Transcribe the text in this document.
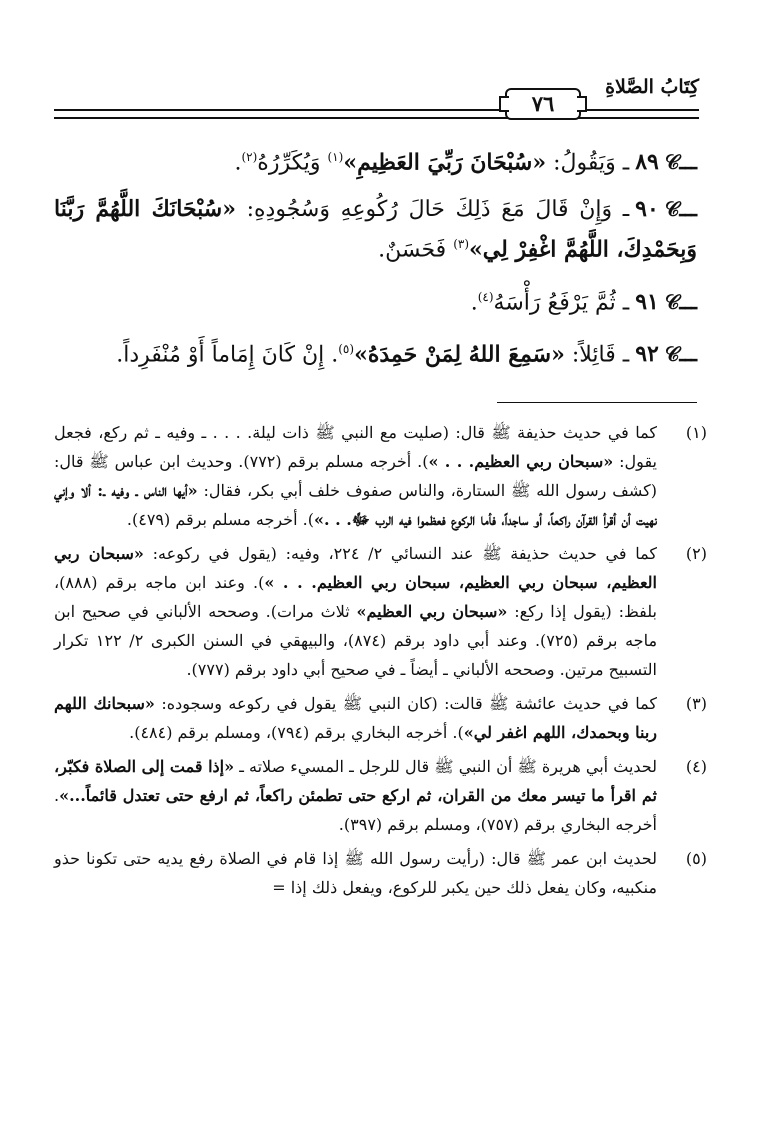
كِتَابُ الصَّلاةِ
٧٦

ـــ𝒞٨٩ـ وَيَقُولُ: «سُبْحَانَ رَبِّيَ العَظِيمِ»$^{(١)}$ وَيُكَرِّرُهُ$^{(٢)}$.

ـــ𝒞٩٠ـ وَإِنْ قَالَ مَعَ ذَلِكَ حَالَ رُكُوعِهِ وَسُجُودِهِ: «سُبْحَانَكَ اللَّهُمَّ رَبَّنَا وَبِحَمْدِكَ، اللَّهُمَّ اغْفِرْ لِي»$^{(٣)}$ فَحَسَنٌ.

ـــ𝒞٩١ـ ثُمَّ يَرْفَعُ رَأْسَهُ$^{(٤)}$.

ـــ𝒞٩٢ـ قَائِلاً: «سَمِعَ اللهُ لِمَنْ حَمِدَهُ»$^{(٥)}$. إِنْ كَانَ إِمَاماً أَوْ مُنْفَرِداً.

(١)
كما في حديث حذيفة ﷺ قال: (صليت مع النبي ﷺ ذات ليلة. . . . ـ وفيه ـ ثم ركع، فجعل يقول: «سبحان ربي العظيم. . . »). أخرجه مسلم برقم (٧٧٢). وحديث ابن عباس ﷺ قال: (كشف رسول الله ﷺ الستارة، والناس صفوف خلف أبي بكر، فقال: «أيها الناس ـ وفيه ـ: ألا وإني نهيت أن أقرأ القرآن راكعاً، أو ساجداً، فأما الركوع فعظموا فيه الرب ﷻ. . .»). أخرجه مسلم برقم (٤٧٩).
(٢)
كما في حديث حذيفة ﷺ عند النسائي ٢/ ٢٢٤، وفيه: (يقول في ركوعه: «سبحان ربي العظيم، سبحان ربي العظيم، سبحان ربي العظيم. . . »). وعند ابن ماجه برقم (٨٨٨)، بلفظ: (يقول إذا ركع: «سبحان ربي العظيم» ثلاث مرات). وصححه الألباني في صحيح ابن ماجه برقم (٧٢٥). وعند أبي داود برقم (٨٧٤)، والبيهقي في السنن الكبرى ٢/ ١٢٢ تكرار التسبيح مرتين. وصححه الألباني ـ أيضاً ـ في صحيح أبي داود برقم (٧٧٧).
(٣)
كما في حديث عائشة ﷺ قالت: (كان النبي ﷺ يقول في ركوعه وسجوده: «سبحانك اللهم ربنا وبحمدك، اللهم اغفر لي»). أخرجه البخاري برقم (٧٩٤)، ومسلم برقم (٤٨٤).
(٤)
لحديث أبي هريرة ﷺ أن النبي ﷺ قال للرجل ـ المسيء صلاته ـ «إذا قمت إلى الصلاة فكبّر، ثم اقرأ ما تيسر معك من القران، ثم اركع حتى تطمئن راكعاً، ثم ارفع حتى تعتدل قائماً...». أخرجه البخاري برقم (٧٥٧)، ومسلم برقم (٣٩٧).
(٥)
لحديث ابن عمر ﷺ قال: (رأيت رسول الله ﷺ إذا قام في الصلاة رفع يديه حتى تكونا حذو منكبيه، وكان يفعل ذلك حين يكبر للركوع، ويفعل ذلك إذا =
